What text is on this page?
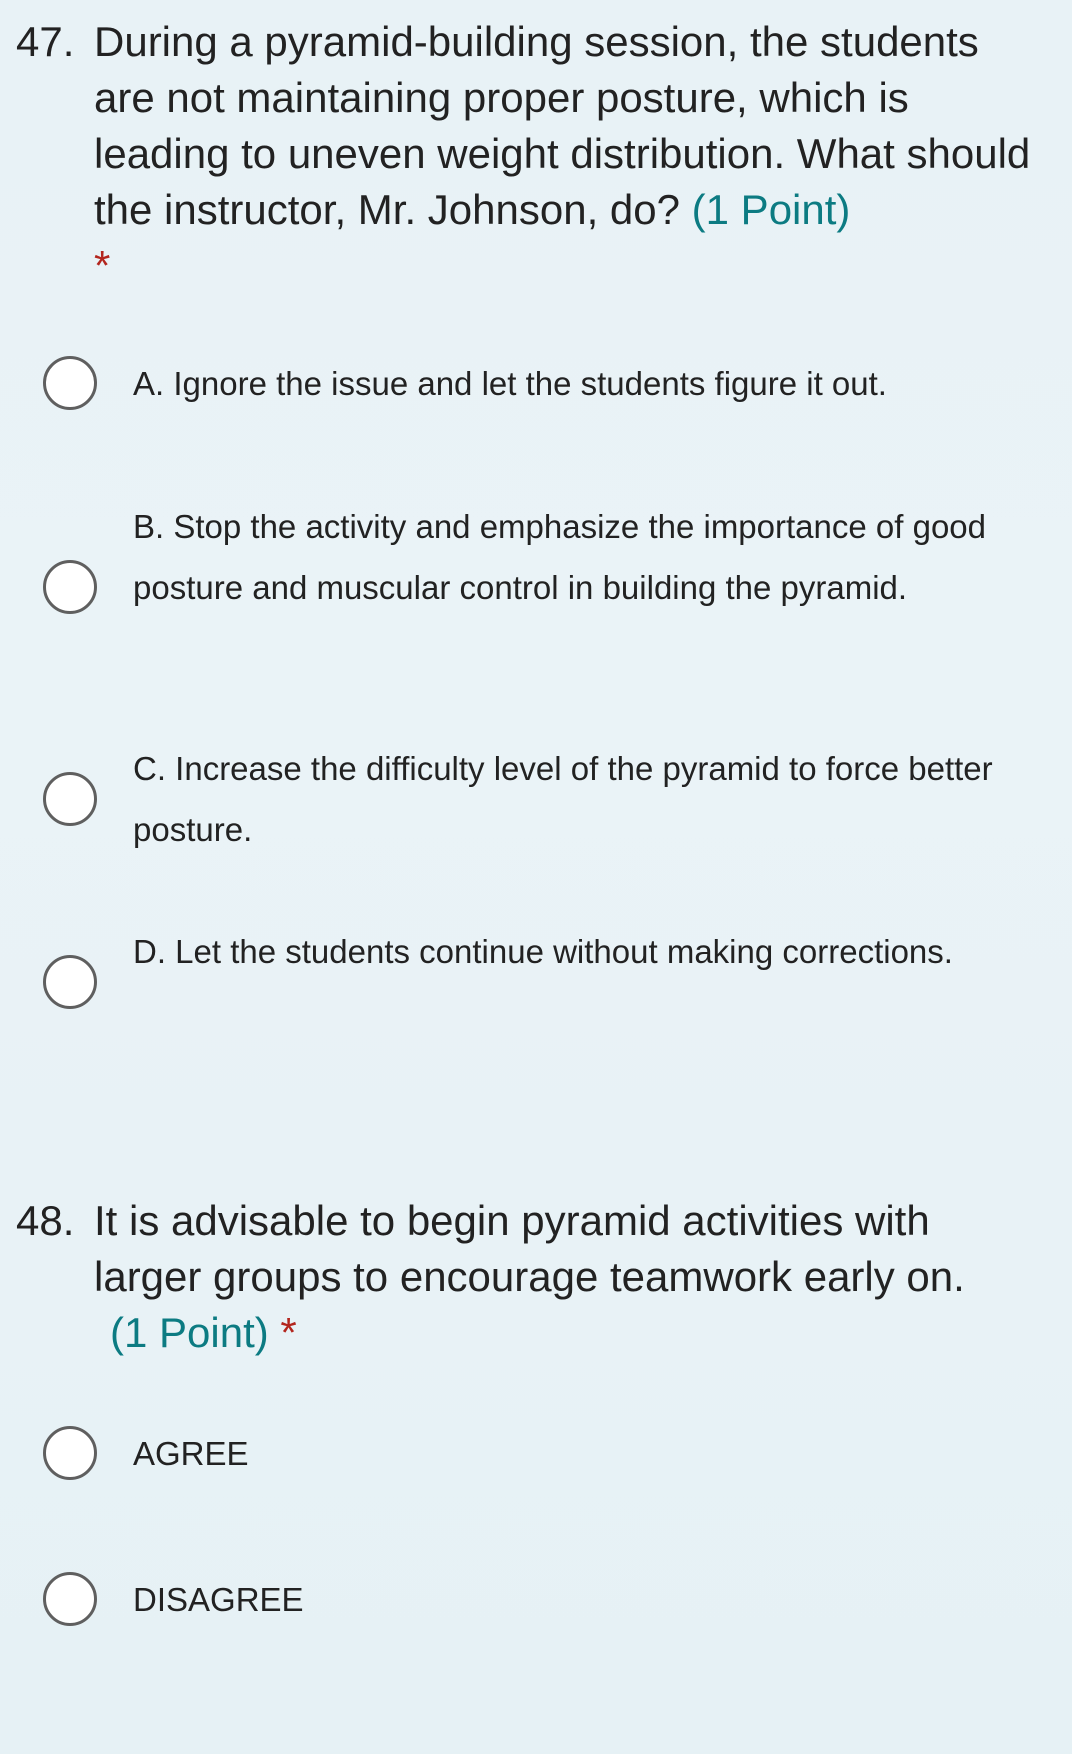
47. During a pyramid-building session, the students are not maintaining proper posture, which is leading to uneven weight distribution. What should the instructor, Mr. Johnson, do? (1 Point)
*
A. Ignore the issue and let the students figure it out.
B. Stop the activity and emphasize the importance of good posture and muscular control in building the pyramid.
C. Increase the difficulty level of the pyramid to force better posture.
D. Let the students continue without making corrections.
48. It is advisable to begin pyramid activities with larger groups to encourage teamwork early on.
(1 Point) *
AGREE
DISAGREE
